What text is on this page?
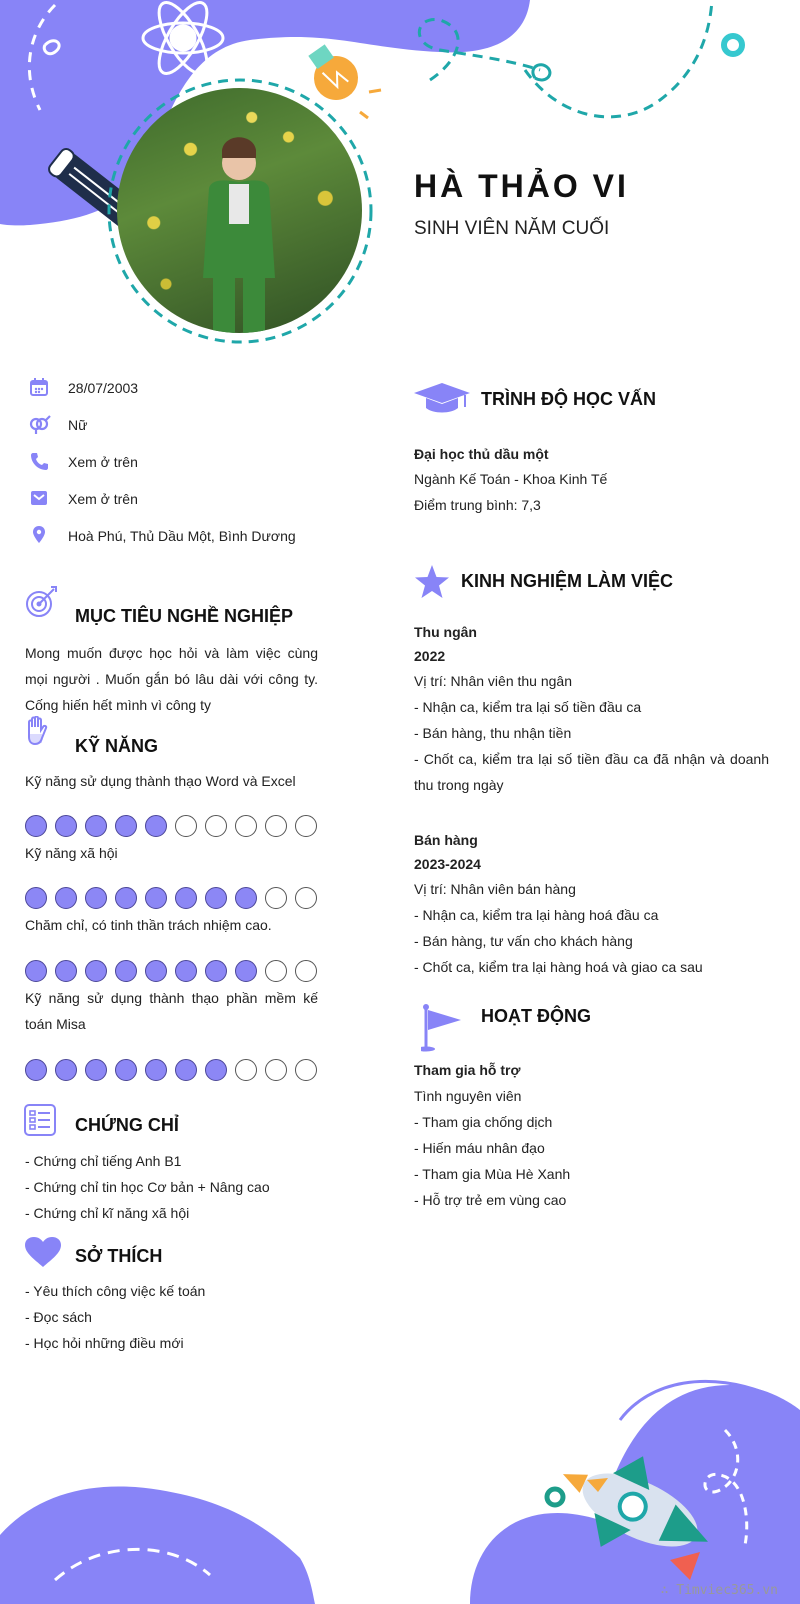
HÀ THẢO VI
SINH VIÊN NĂM CUỐI
28/07/2003
Nữ
Xem ở trên
Xem ở trên
Hoà Phú, Thủ Dầu Một, Bình Dương
MỤC TIÊU NGHỀ NGHIỆP
Mong muốn được học hỏi và làm việc cùng
mọi người . Muốn gắn bó lâu dài với công ty.
Cống hiến hết mình vì công ty
KỸ NĂNG
Kỹ năng sử dụng thành thạo Word và Excel
Kỹ năng xã hội
Chăm chỉ, có tinh thần trách nhiệm cao.
Kỹ năng sử dụng thành thạo phần mềm kế
toán Misa
CHỨNG CHỈ
- Chứng chỉ tiếng Anh B1
- Chứng chỉ tin học Cơ bản + Nâng cao
- Chứng chỉ kĩ năng xã hội
SỞ THÍCH
- Yêu thích công việc kế toán
- Đọc sách
- Học hỏi những điều mới
TRÌNH ĐỘ HỌC VẤN
Đại học thủ dầu một
Ngành Kế Toán - Khoa Kinh Tế
Điểm trung bình: 7,3
KINH NGHIỆM LÀM VIỆC
Thu ngân
2022
Vị trí: Nhân viên thu ngân
- Nhận ca, kiểm tra lại số tiền đầu ca
- Bán hàng, thu nhận tiền
- Chốt ca, kiểm tra lại số tiền đầu ca đã nhận và doanh
thu trong ngày
Bán hàng
2023-2024
Vị trí: Nhân viên bán hàng
- Nhận ca, kiểm tra lại hàng hoá đầu ca
- Bán hàng, tư vấn cho khách hàng
- Chốt ca, kiểm tra lại hàng hoá và giao ca sau
HOẠT ĐỘNG
Tham gia hỗ trợ
Tình nguyên viên
- Tham gia chống dịch
- Hiến máu nhân đạo
- Tham gia Mùa Hè Xanh
- Hỗ trợ trẻ em vùng cao
∴ Timviec365.vn
